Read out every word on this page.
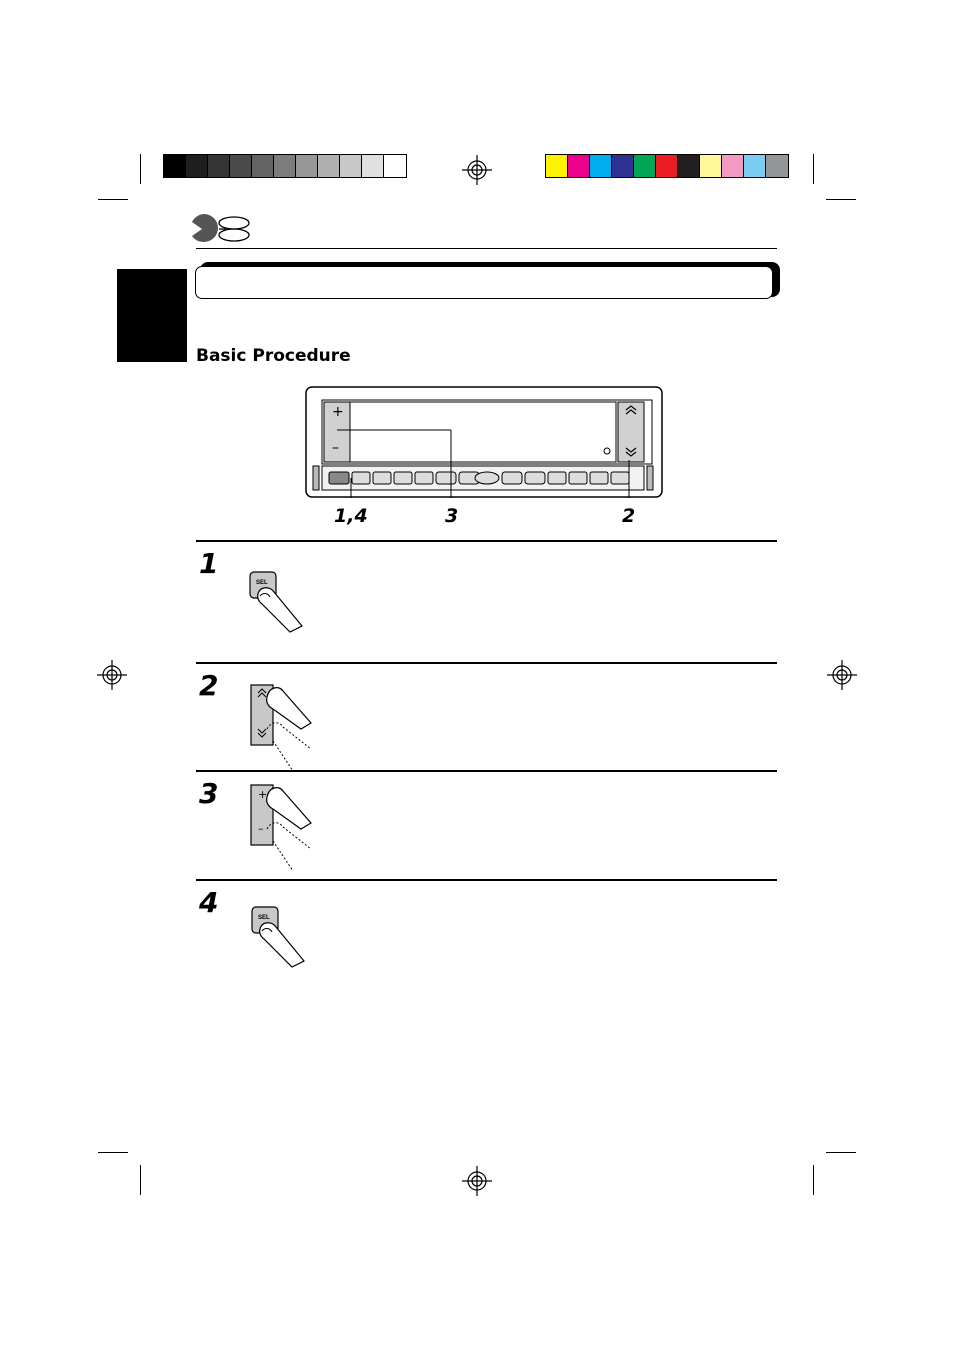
Basic Procedure
+
–
1,4	3	2
1
SEL
2
3	+
–
4	SEL
